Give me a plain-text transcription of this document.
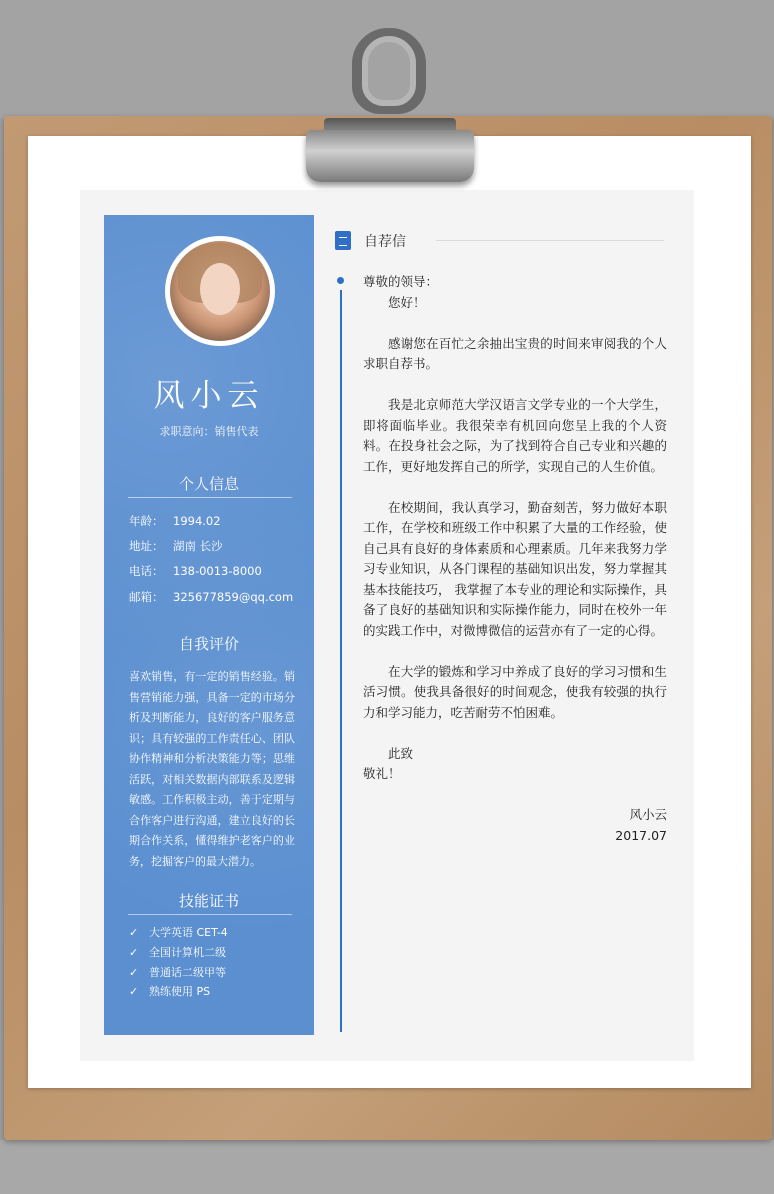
风小云
求职意向：销售代表
个人信息
年龄： 1994.02
地址： 湖南 长沙
电话： 138-0013-8000
邮箱： 325677859@qq.com
自我评价
喜欢销售，有一定的销售经验。销售营销能力强，具备一定的市场分析及判断能力，良好的客户服务意识；具有较强的工作责任心、团队协作精神和分析决策能力等；思维活跃，对相关数据内部联系及逻辑敏感。工作积极主动，善于定期与合作客户进行沟通，建立良好的长期合作关系，懂得维护老客户的业务，挖掘客户的最大潜力。
技能证书
✓ 大学英语 CET-4
✓ 全国计算机二级
✓ 普通话二级甲等
✓ 熟练使用 PS
自荐信

尊敬的领导：

您好！

感谢您在百忙之余抽出宝贵的时间来审阅我的个人求职自荐书。

我是北京师范大学汉语言文学专业的一个大学生，即将面临毕业。我很荣幸有机回向您呈上我的个人资料。在投身社会之际，为了找到符合自己专业和兴趣的工作，更好地发挥自己的所学，实现自己的人生价值。

在校期间，我认真学习，勤奋刻苦，努力做好本职工作，在学校和班级工作中积累了大量的工作经验，使自己具有良好的身体素质和心理素质。几年来我努力学习专业知识，从各门课程的基础知识出发，努力掌握其基本技能技巧， 我掌握了本专业的理论和实际操作，具备了良好的基础知识和实际操作能力，同时在校外一年的实践工作中，对微博微信的运营亦有了一定的心得。

在大学的锻炼和学习中养成了良好的学习习惯和生活习惯。使我具备很好的时间观念，使我有较强的执行力和学习能力，吃苦耐劳不怕困难。

此致

敬礼！

风小云

2017.07
